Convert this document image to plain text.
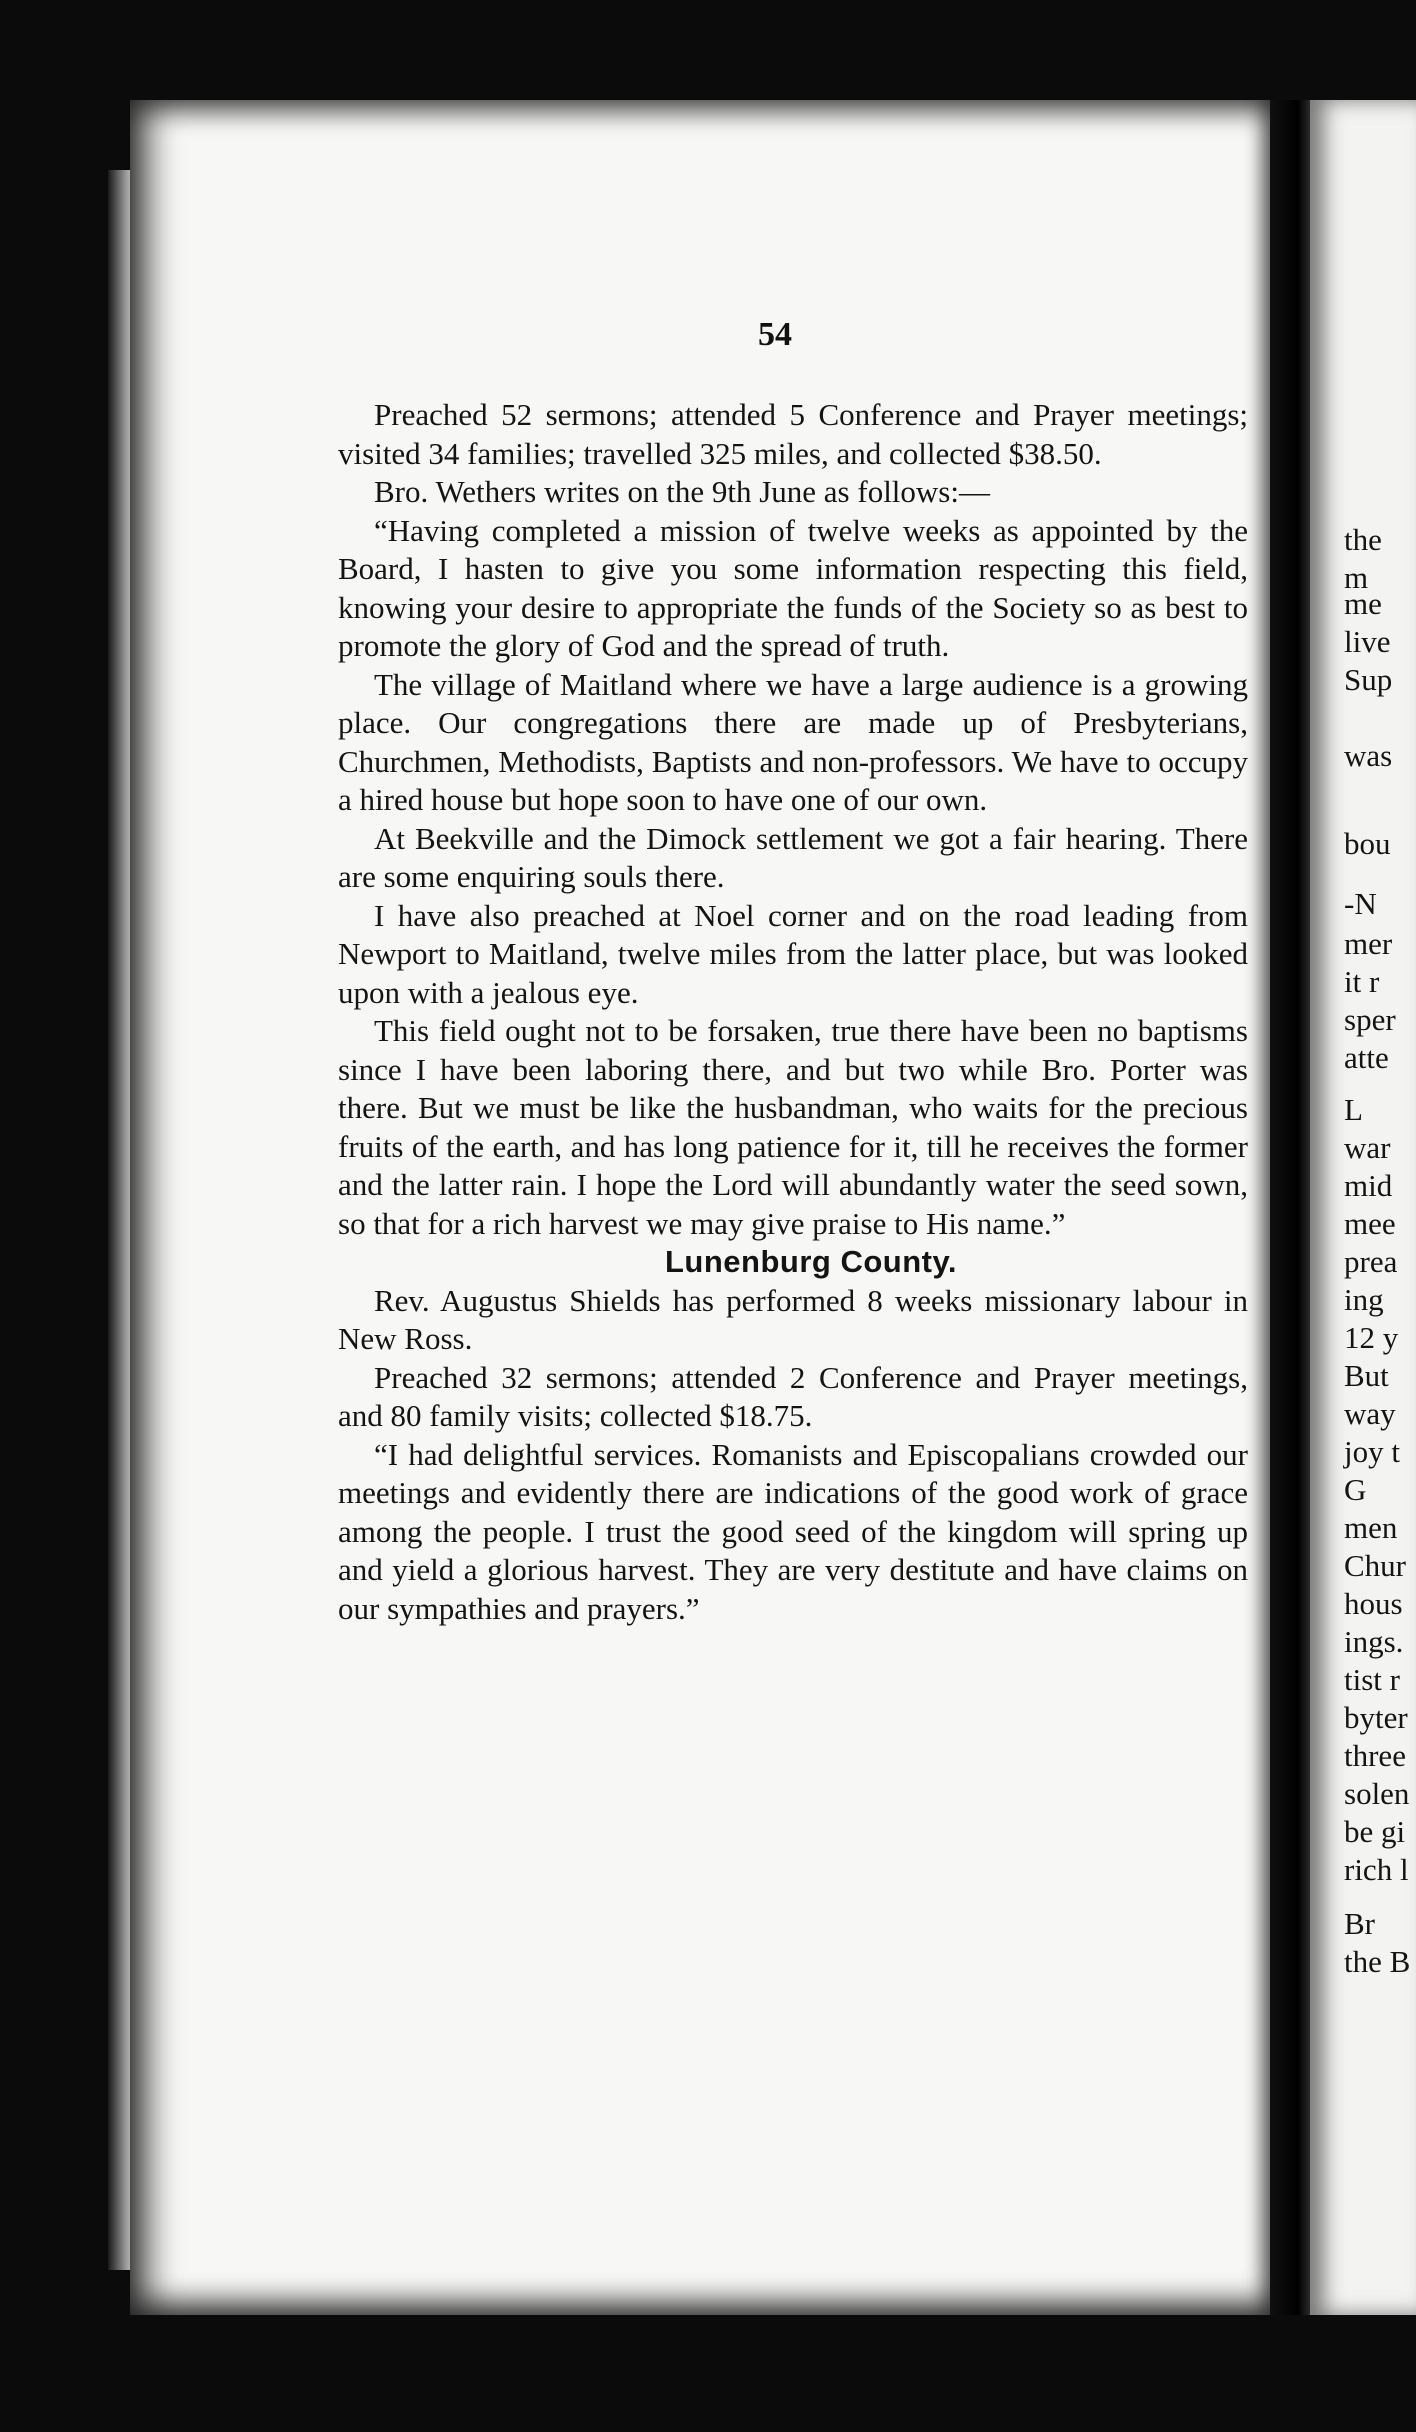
54

Preached 52 sermons; attended 5 Conference and Prayer meetings; visited 34 families; travelled 325 miles, and collected $38.50.

Bro. Wethers writes on the 9th June as follows:—

“Having completed a mission of twelve weeks as appointed by the Board, I hasten to give you some information respecting this field, knowing your desire to appropriate the funds of the Society so as best to promote the glory of God and the spread of truth.

The village of Maitland where we have a large audience is a growing place. Our congregations there are made up of Presbyterians, Churchmen, Methodists, Baptists and non-professors. We have to occupy a hired house but hope soon to have one of our own.

At Beekville and the Dimock settlement we got a fair hearing. There are some enquiring souls there.

I have also preached at Noel corner and on the road leading from Newport to Maitland, twelve miles from the latter place, but was looked upon with a jealous eye.

This field ought not to be forsaken, true there have been no baptisms since I have been laboring there, and but two while Bro. Porter was there. But we must be like the husbandman, who waits for the precious fruits of the earth, and has long patience for it, till he receives the former and the latter rain. I hope the Lord will abundantly water the seed sown, so that for a rich harvest we may give praise to His name.”

Lunenburg County.

Rev. Augustus Shields has performed 8 weeks missionary labour in New Ross.

Preached 32 sermons; attended 2 Conference and Prayer meetings, and 80 family visits; collected $18.75.

“I had delightful services. Romanists and Episcopalians crowded our meetings and evidently there are indications of the good work of grace among the people. I trust the good seed of the kingdom will spring up and yield a glorious harvest. They are very destitute and have claims on our sympathies and prayers.”

the
m
me
live
Sup
was
bou
-N
mer
it r
sper
atte
L
war
mid
mee
prea
ing
12 y
But
way
joy t
G
men
Chur
hous
ings.
tist r
byter
three
solen
be gi
rich l
Br
the B
